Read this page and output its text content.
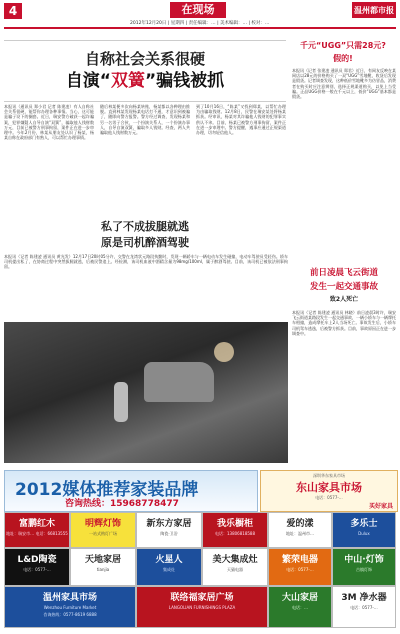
4	在现场
2012年12月20日 | 星期四 | 责任编辑：… | 美术编辑：… | 校对：…
温州都市报
自称社会关系很硬
自演“双簧”骗钱被抓
本报讯（通讯员 郑小君 记者 陈建凌）有人自称社会关系很硬，能帮你办理各种事情。当心，这可能是骗子设下的圈套。近日，瑞安警方破获一起诈骗案，犯罪嫌疑人自导自演“双簧”，骗取他人钱财数万元，目前已被警方刑事拘留，案件正在进一步审理中。今年2月份，林某从朋友处认识了杨某，杨某自称在政府部门有熟人，可以帮忙办理事情。
随后林某便多次向杨某转账，杨某都以各种理由推脱。直到林某发现杨某电话打不通，才意识到被骗了，随即向警方报警。警方经过调查，发现杨某和另一名男子合伙，一个扮演关系人，一个扮演办事人，自导自演双簧，骗取多人钱财。经查，两人共骗取他人钱财数万元。
到了10月16日，“陈某”又找到郑某，以帮忙办理为由骗取钱财。12月8日，民警在瑞安某处将杨某抓获。经审讯，杨某对其诈骗他人钱财的犯罪事实供认不讳。目前，杨某已被警方刑事拘留，案件正在进一步审理中。警方提醒，遇事应通过正规渠道办理，切勿轻信他人。
千元“UGG”只需28元?
假的!
本报讯（记者 张建凌 通讯员 郑君）近日，有网友反映在某网店以28元的价格购买了一双“UGG”雪地靴，收货后发现是假货。记者调查发现，这种低价雪地靴多为仿冒品，消费者在购买时应注意辨别，选择正规渠道购买，以免上当受骗。正品UGG价格一般在千元以上，低价“UGG”基本都是假货。
私了不成拔腿就逃
原是司机醉酒驾驶
本报讯（记者 陈建凌 通讯员 黄光发）12月17日20时05分许，交警在龙湾状元路段执勤时，发现一辆轿车与一辆电动车发生碰撞，电动车驾驶员受轻伤。轿车司机提出私了，在协商过程中突然拔腿就逃，后被民警追上。经检测，该司机血液中酒精含量为98mg/100ml，属于醉酒驾驶。目前，该司机已被依法刑事拘留。
前日凌晨飞云街道
发生一起交通事故
致2人死亡
本报讯（记者 陈建凌 通讯员 林晓）前日凌晨3时许，瑞安飞云街道某路段发生一起交通事故，一辆小轿车与一辆摩托车相撞，造成摩托车上2人当场死亡。事故发生后，小轿车司机驾车逃逸，后被警方抓获。目前，事故原因正在进一步调查中。
2012媒体推荐家装品牌
咨询热线：15968778477
深圳华东家具市场
东山家具市场
电话：0577-…
买好家具
富鹏红木
地址：瑞安市… 电话：66813555
明辉灯饰
一站式购灯广场
新东方家居
陶瓷·卫浴
我乐橱柜
电话：13806818588
爱的漾
地址：温州市…
多乐士
Dulux
L&D陶瓷
电话：0577-…
天地家居
tianjia
火星人
集成灶
美大集成灶
天猫电器
繁荣电器
电话：0577-…
中山·灯饰
古镇灯饰
温州家具市场
Wenzhou Furniture Market
咨询热线：0577-8619 6888
联络福家居广场
LANGOLIAN FURNISHINGS PLAZA
大山家居
电话：…
3M 净水器
电话：0577-…
